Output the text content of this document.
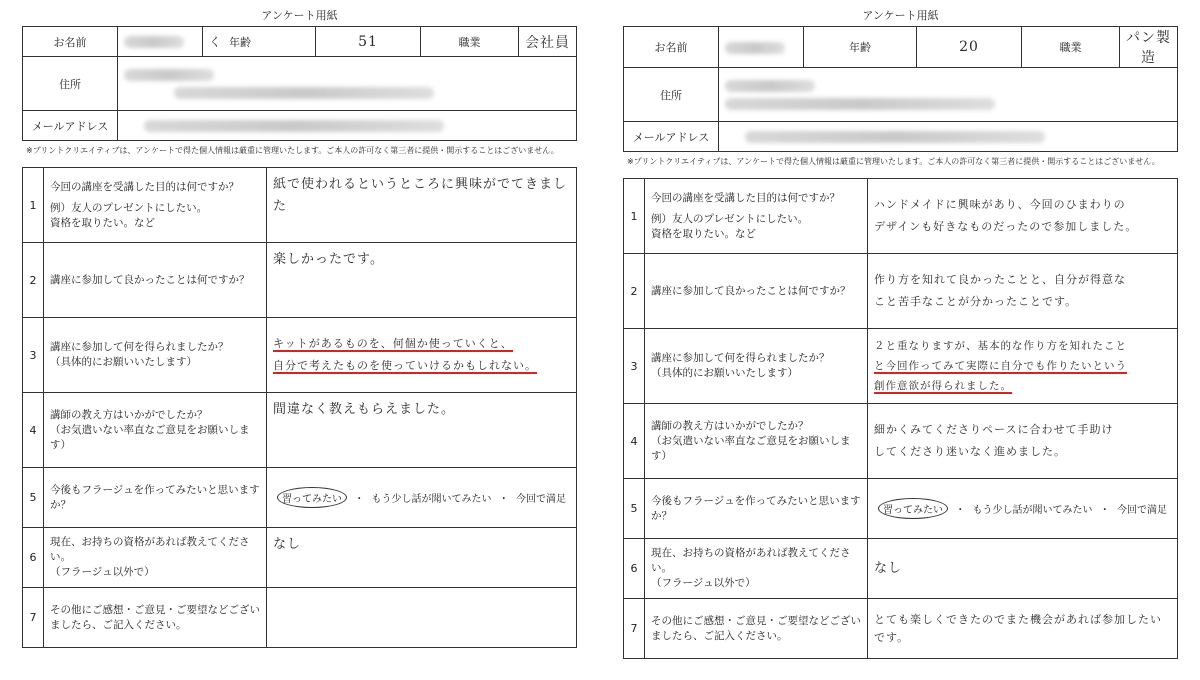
アンケート用紙
お名前		く 年齢	51	職業	会社員
住所					

メールアドレス					
※プリントクリエイティブは、アンケートで得た個人情報は厳重に管理いたします。ご本人の許可なく第三者に提供・開示することはございません。
1	今回の講座を受講した目的は何ですか？
例）友人のプレゼントにしたい。
資格を取りたい。など	紙で使われるというところに興味がでてきました
2	講座に参加して良かったことは何ですか？	楽しかったです。
3	講座に参加して何を得られましたか？
（具体的にお願いいたします）	キットがあるものを、何個か使っていくと、
自分で考えたものを使っていけるかもしれない。
4	講師の教え方はいかがでしたか？
（お気遣いない率直なご意見をお願いします）	間違なく教えもらえました。
5	今後もフラージュを作ってみたいと思いますか？	習ってみたい ・ もう少し話が聞いてみたい ・ 今回で満足

6	現在、お持ちの資格があれば教えてください。
（フラージュ以外で）	なし
7	その他にご感想・ご意見・ご要望などございましたら、ご記入ください。	

アンケート用紙
お名前		年齢	20	職業	パン製造
住所					

メールアドレス					
※プリントクリエイティブは、アンケートで得た個人情報は厳重に管理いたします。ご本人の許可なく第三者に提供・開示することはございません。
1	今回の講座を受講した目的は何ですか？
例）友人のプレゼントにしたい。
資格を取りたい。など	ハンドメイドに興味があり、今回のひまわりの
デザインも好きなものだったので参加しました。
2	講座に参加して良かったことは何ですか？	作り方を知れて良かったことと、自分が得意な
こと苦手なことが分かったことです。
3	講座に参加して何を得られましたか？
（具体的にお願いいたします）	２と重なりますが、基本的な作り方を知れたこと
と今回作ってみて実際に自分でも作りたいという
創作意欲が得られました。
4	講師の教え方はいかがでしたか？
（お気遣いない率直なご意見をお願いします）	細かくみてくださりペースに合わせて手助け
してくださり迷いなく進めました。
5	今後もフラージュを作ってみたいと思いますか？	習ってみたい ・ もう少し話が聞いてみたい ・ 今回で満足

6	現在、お持ちの資格があれば教えてください。
（フラージュ以外で）	なし
7	その他にご感想・ご意見・ご要望などございましたら、ご記入ください。	とても楽しくできたのでまた機会があれば参加したいです。
